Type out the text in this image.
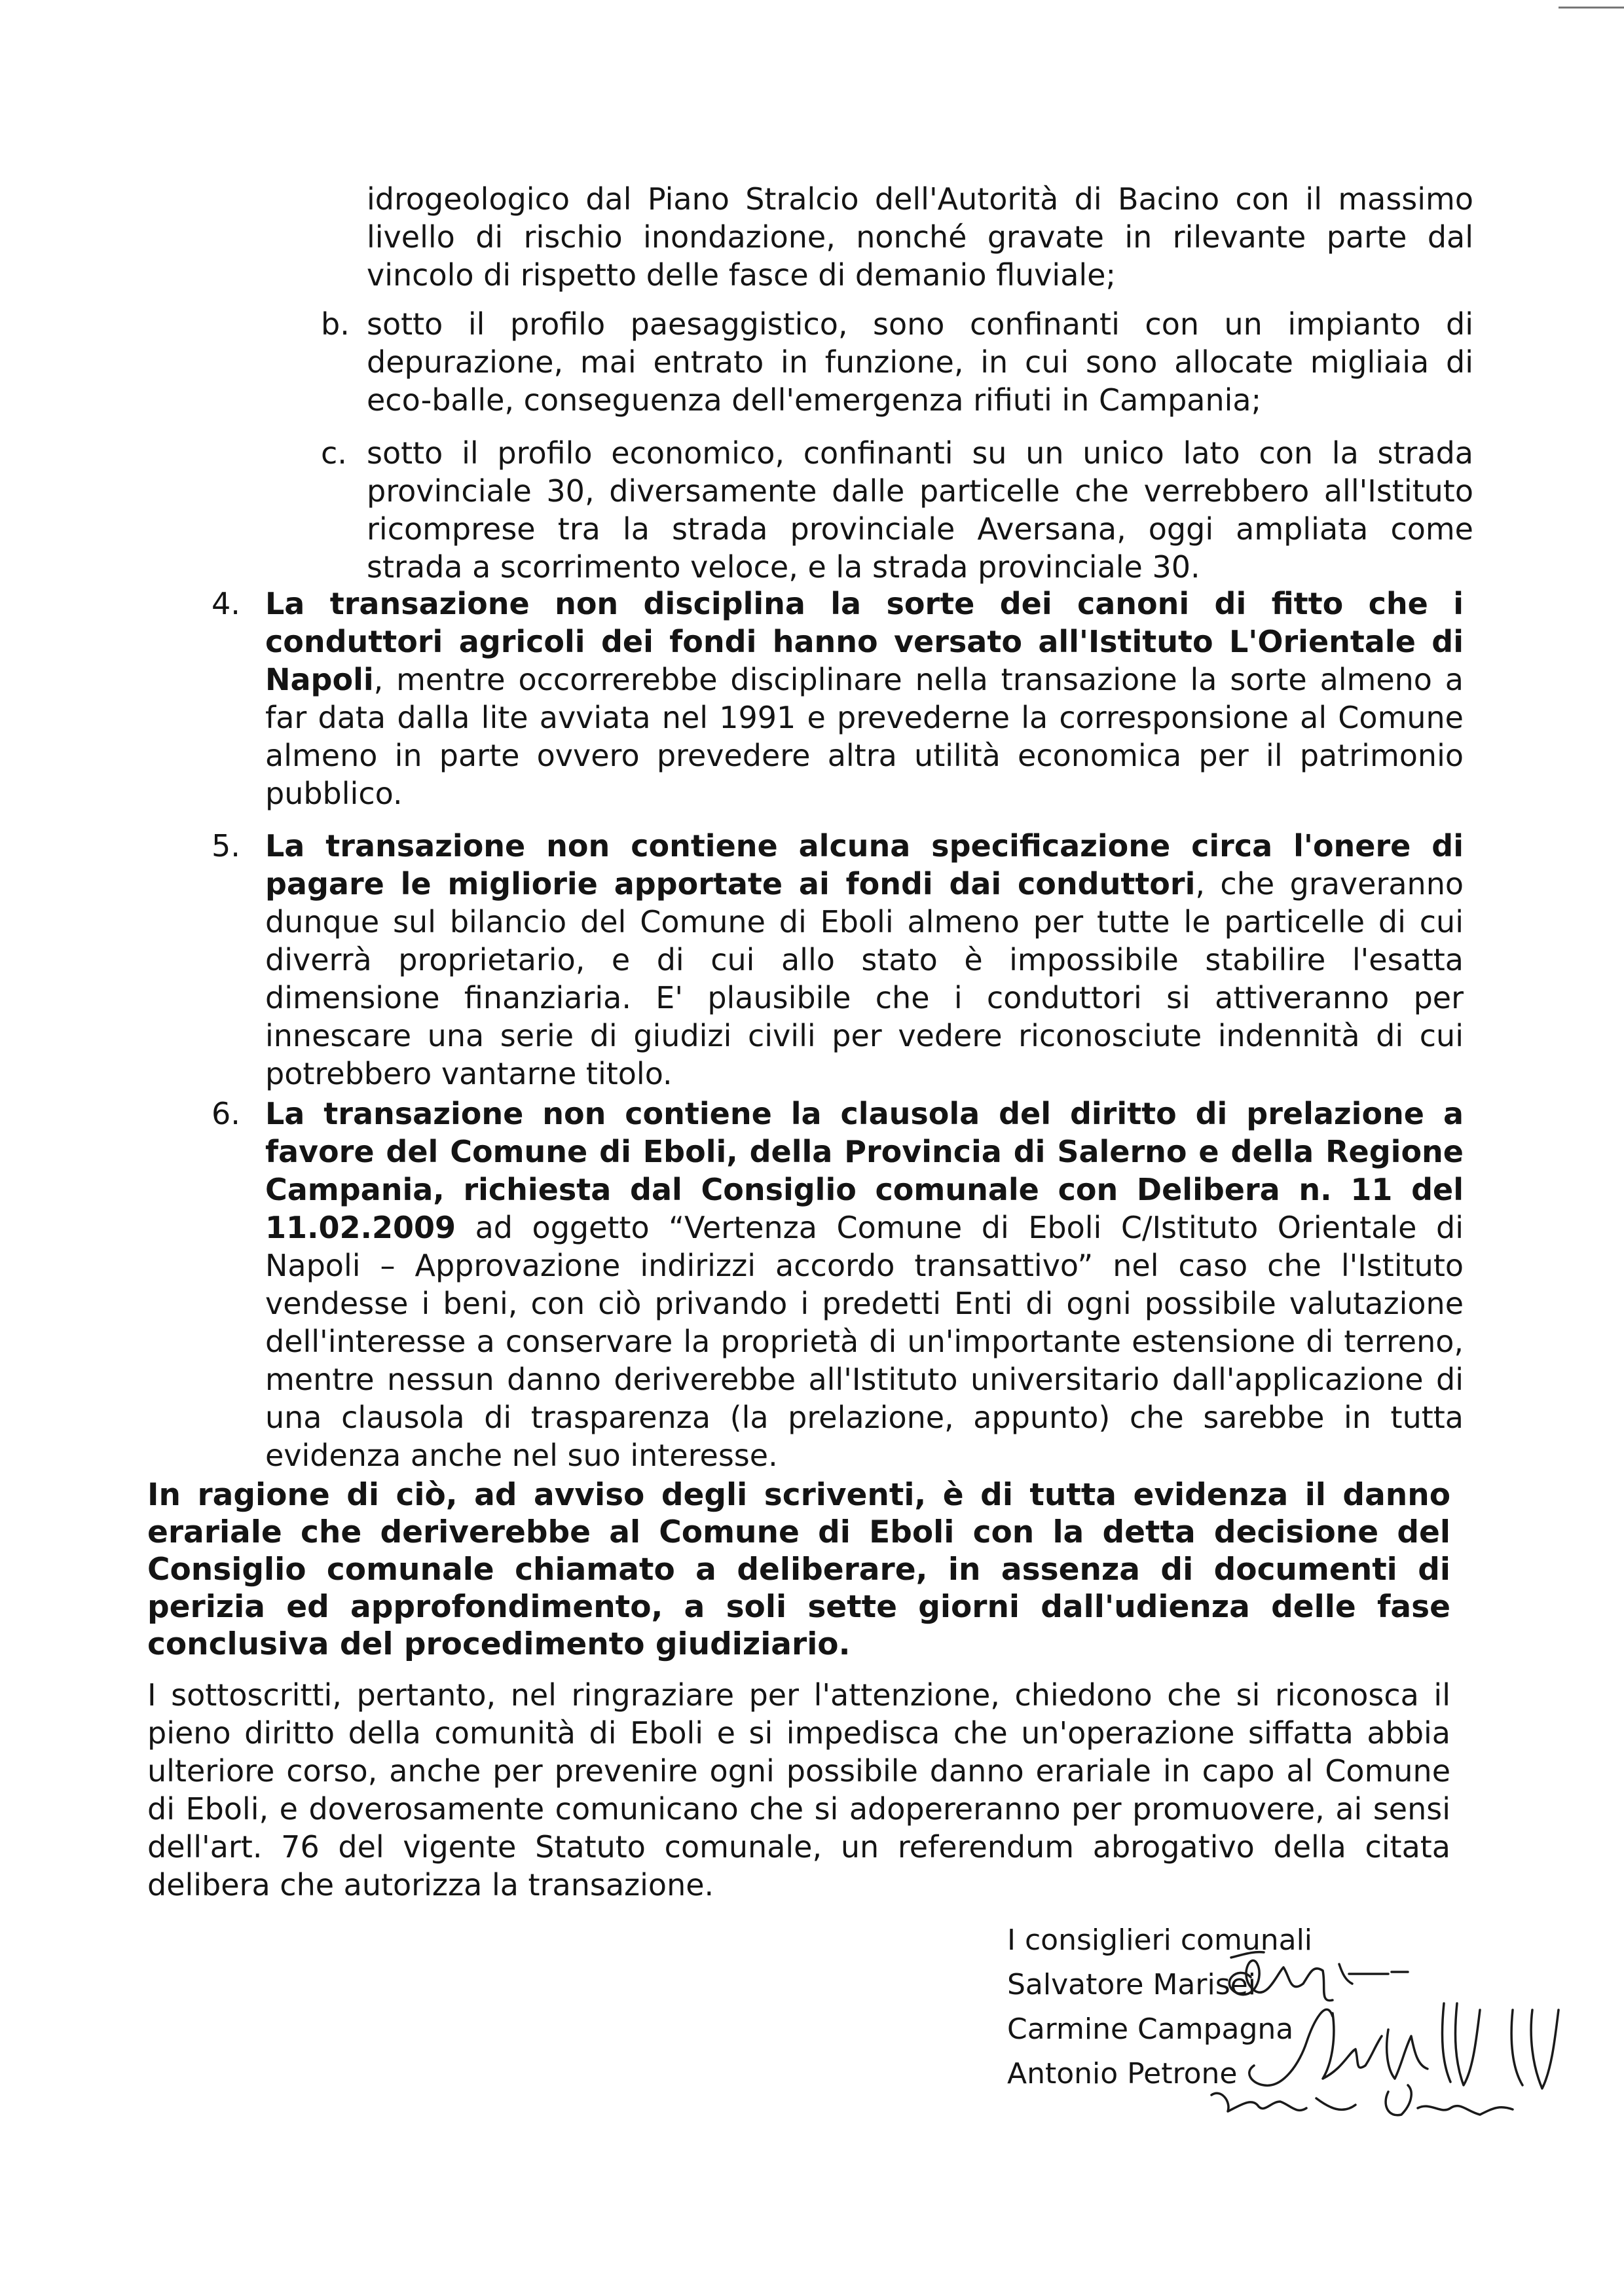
idrogeologico dal Piano Stralcio dell'Autorità di Bacino con il massimo livello di rischio inondazione, nonché gravate in rilevante parte dal vincolo di rispetto delle fasce di demanio fluviale;

b. sotto il profilo paesaggistico, sono confinanti con un impianto di depurazione, mai entrato in funzione, in cui sono allocate migliaia di eco-balle, conseguenza dell'emergenza rifiuti in Campania;
c. sotto il profilo economico, confinanti su un unico lato con la strada provinciale 30, diversamente dalle particelle che verrebbero all'Istituto ricomprese tra la strada provinciale Aversana, oggi ampliata come strada a scorrimento veloce, e la strada provinciale 30.
4. La transazione non disciplina la sorte dei canoni di fitto che i conduttori agricoli dei fondi hanno versato all'Istituto L'Orientale di Napoli, mentre occorrerebbe disciplinare nella transazione la sorte almeno a far data dalla lite avviata nel 1991 e prevederne la corresponsione al Comune almeno in parte ovvero prevedere altra utilità economica per il patrimonio pubblico.
5. La transazione non contiene alcuna specificazione circa l'onere di pagare le migliorie apportate ai fondi dai conduttori, che graveranno dunque sul bilancio del Comune di Eboli almeno per tutte le particelle di cui diverrà proprietario, e di cui allo stato è impossibile stabilire l'esatta dimensione finanziaria. E' plausibile che i conduttori si attiveranno per innescare una serie di giudizi civili per vedere riconosciute indennità di cui potrebbero vantarne titolo.
6. La transazione non contiene la clausola del diritto di prelazione a favore del Comune di Eboli, della Provincia di Salerno e della Regione Campania, richiesta dal Consiglio comunale con Delibera n. 11 del 11.02.2009 ad oggetto “Vertenza Comune di Eboli C/Istituto Orientale di Napoli – Approvazione indirizzi accordo transattivo” nel caso che l'Istituto vendesse i beni, con ciò privando i predetti Enti di ogni possibile valutazione dell'interesse a conservare la proprietà di un'importante estensione di terreno, mentre nessun danno deriverebbe all'Istituto universitario dall'applicazione di una clausola di trasparenza (la prelazione, appunto) che sarebbe in tutta evidenza anche nel suo interesse.

In ragione di ciò, ad avviso degli scriventi, è di tutta evidenza il danno erariale che deriverebbe al Comune di Eboli con la detta decisione del Consiglio comunale chiamato a deliberare, in assenza di documenti di perizia ed approfondimento, a soli sette giorni dall'udienza delle fase conclusiva del procedimento giudiziario.

I sottoscritti, pertanto, nel ringraziare per l'attenzione, chiedono che si riconosca il pieno diritto della comunità di Eboli e si impedisca che un'operazione siffatta abbia ulteriore corso, anche per prevenire ogni possibile danno erariale in capo al Comune di Eboli, e doverosamente comunicano che si adopereranno per promuovere, ai sensi dell'art. 76 del vigente Statuto comunale, un referendum abrogativo della citata delibera che autorizza la transazione.

I consiglieri comunali
Salvatore Marisei
Carmine Campagna
Antonio Petrone
